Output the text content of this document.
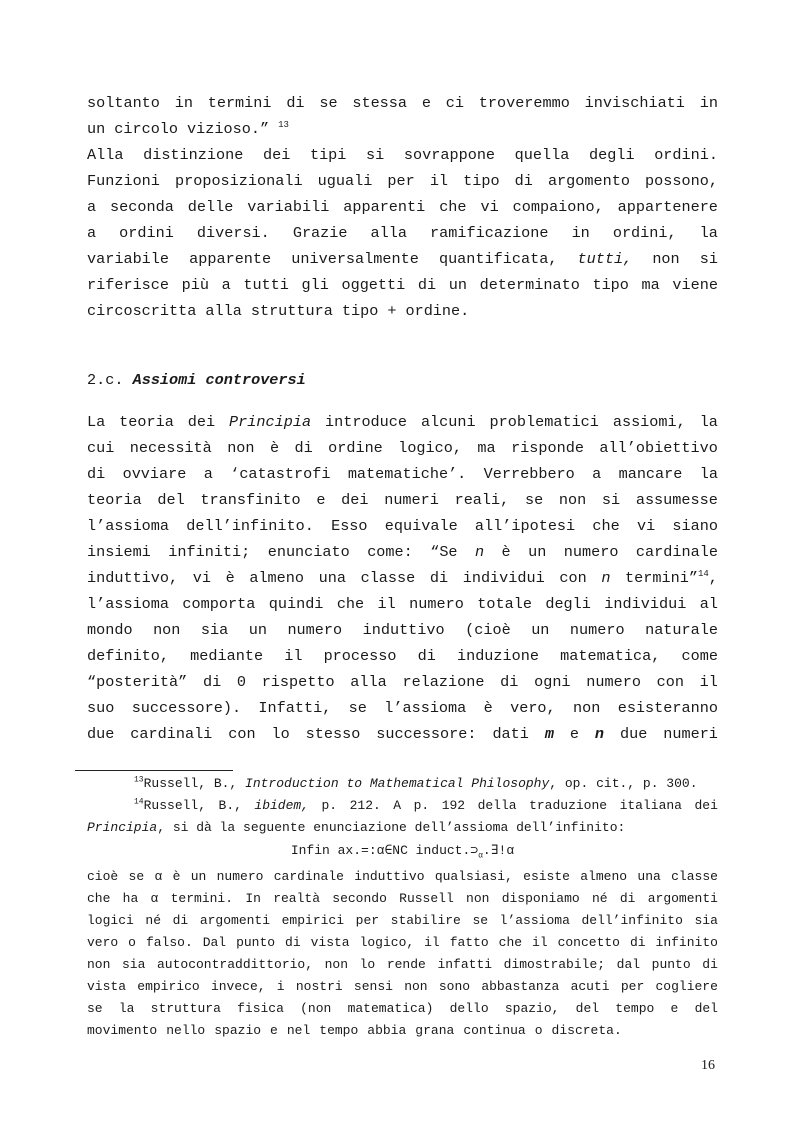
soltanto in termini di se stessa e ci troveremmo invischiati in
un circolo vizioso.” $^{13}$
Alla distinzione dei tipi si sovrappone quella degli ordini.
Funzioni proposizionali uguali per il tipo di argomento possono,
a seconda delle variabili apparenti che vi compaiono, appartenere
a ordini diversi. Grazie alla ramificazione in ordini, la
variabile apparente universalmente quantificata, tutti, non si
riferisce più a tutti gli oggetti di un determinato tipo ma viene
circoscritta alla struttura tipo + ordine.
2.c. Assiomi controversi
La teoria dei Principia introduce alcuni problematici assiomi, la
cui necessità non è di ordine logico, ma risponde all’obiettivo
di ovviare a ‘catastrofi matematiche’. Verrebbero a mancare la
teoria del transfinito e dei numeri reali, se non si assumesse
l’assioma dell’infinito. Esso equivale all’ipotesi che vi siano
insiemi infiniti; enunciato come: “Se n è un numero cardinale
induttivo, vi è almeno una classe di individui con n termini”$^{14}$,
l’assioma comporta quindi che il numero totale degli individui al
mondo non sia un numero induttivo (cioè un numero naturale
definito, mediante il processo di induzione matematica, come
“posterità” di 0 rispetto alla relazione di ogni numero con il
suo successore). Infatti, se l’assioma è vero, non esisteranno
due cardinali con lo stesso successore: dati m e n due numeri
$^{13}$Russell, B., Introduction to Mathematical Philosophy, op. cit., p. 300.
$^{14}$Russell, B., ibidem, p. 212. A p. 192 della traduzione italiana dei
Principia, si dà la seguente enunciazione dell’assioma dell’infinito:
Infin ax.=:α∈NC $induct.⊃_\alpha.\exists!\alpha$
cioè se α è un numero cardinale induttivo qualsiasi, esiste almeno una classe
che ha α termini. In realtà secondo Russell non disponiamo né di argomenti
logici né di argomenti empirici per stabilire se l’assioma dell’infinito sia
vero o falso. Dal punto di vista logico, il fatto che il concetto di infinito
non sia autocontraddittorio, non lo rende infatti dimostrabile; dal punto di
vista empirico invece, i nostri sensi non sono abbastanza acuti per cogliere
se la struttura fisica (non matematica) dello spazio, del tempo e del
movimento nello spazio e nel tempo abbia grana continua o discreta.
16
